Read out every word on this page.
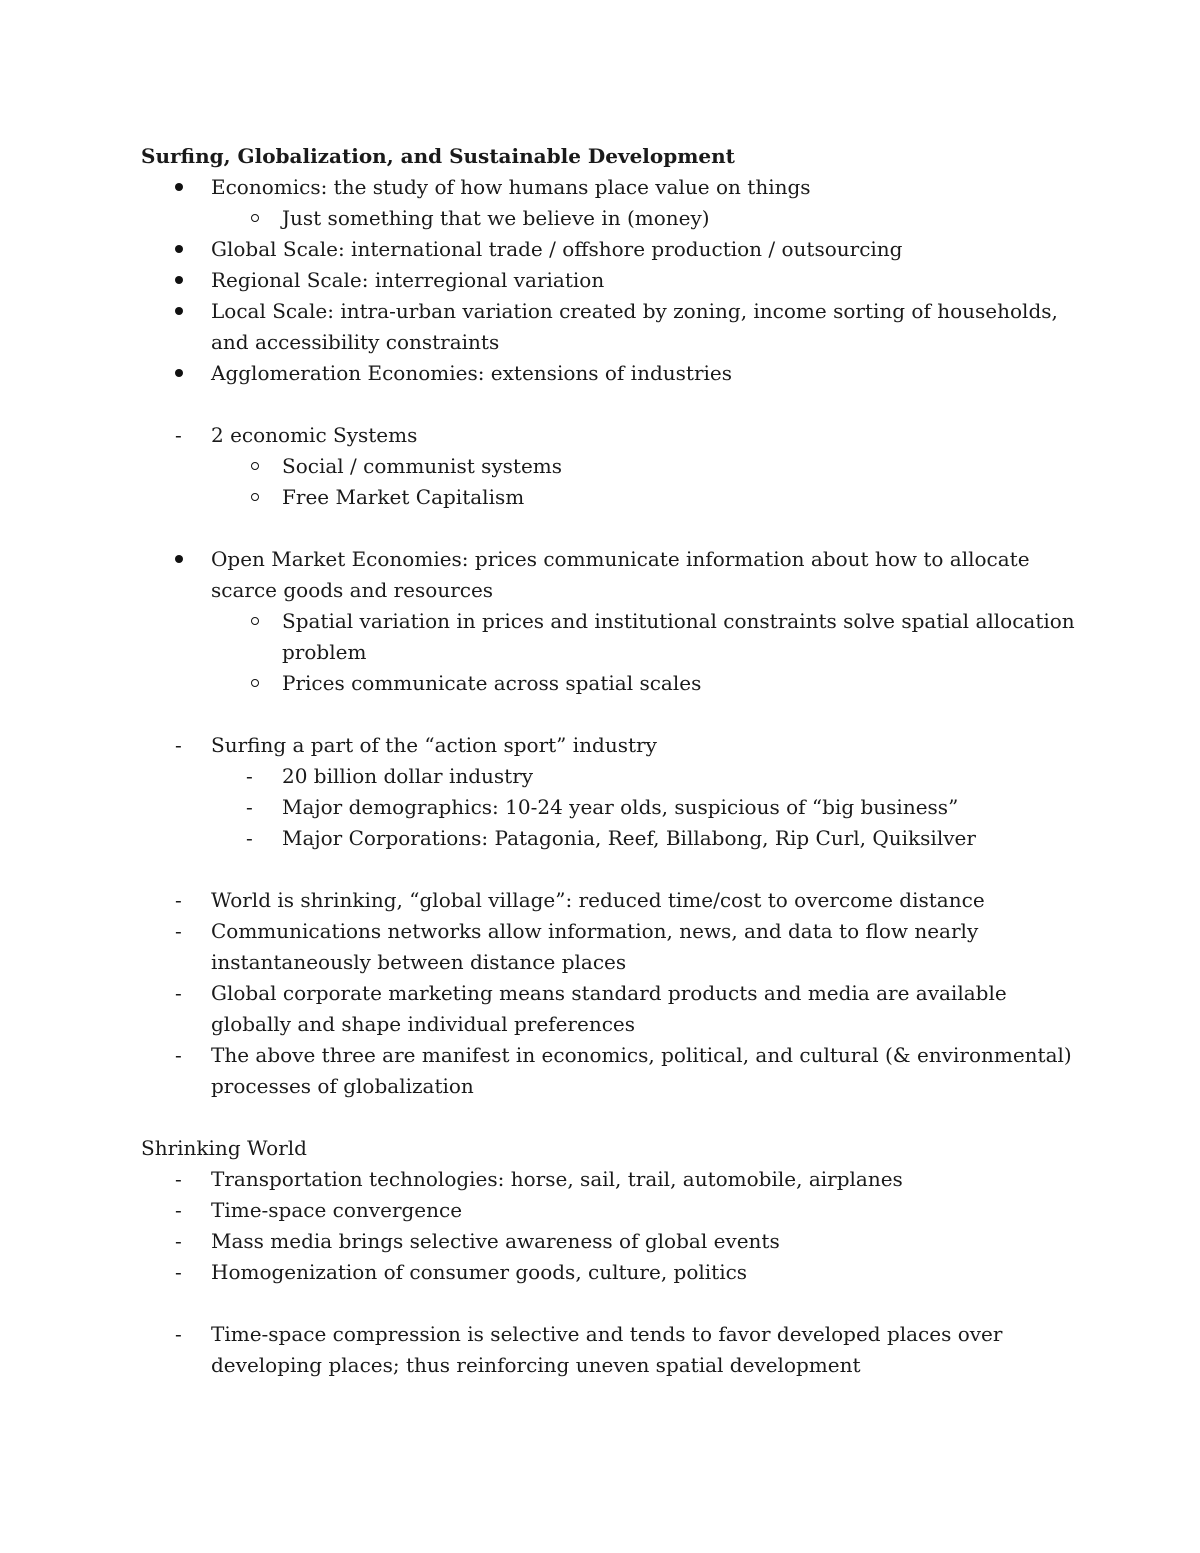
Surfing, Globalization, and Sustainable Development

Economics: the study of how humans place value on things
Just something that we believe in (money)
Global Scale: international trade / offshore production / outsourcing
Regional Scale: interregional variation
Local Scale: intra-urban variation created by zoning, income sorting of households, and accessibility constraints
Agglomeration Economies: extensions of industries
-	2 economic Systems
Social / communist systems
Free Market Capitalism
Open Market Economies: prices communicate information about how to allocate scarce goods and resources
Spatial variation in prices and institutional constraints solve spatial allocation problem
Prices communicate across spatial scales
-	Surfing a part of the “action sport” industry
-	20 billion dollar industry
-	Major demographics: 10-24 year olds, suspicious of “big business”
-	Major Corporations: Patagonia, Reef, Billabong, Rip Curl, Quiksilver
-	World is shrinking, “global village”: reduced time/cost to overcome distance
-	Communications networks allow information, news, and data to flow nearly instantaneously between distance places
-	Global corporate marketing means standard products and media are available globally and shape individual preferences
-	The above three are manifest in economics, political, and cultural (& environmental) processes of globalization

Shrinking World

-	Transportation technologies: horse, sail, trail, automobile, airplanes
-	Time-space convergence
-	Mass media brings selective awareness of global events
-	Homogenization of consumer goods, culture, politics
-	Time-space compression is selective and tends to favor developed places over developing places; thus reinforcing uneven spatial development
